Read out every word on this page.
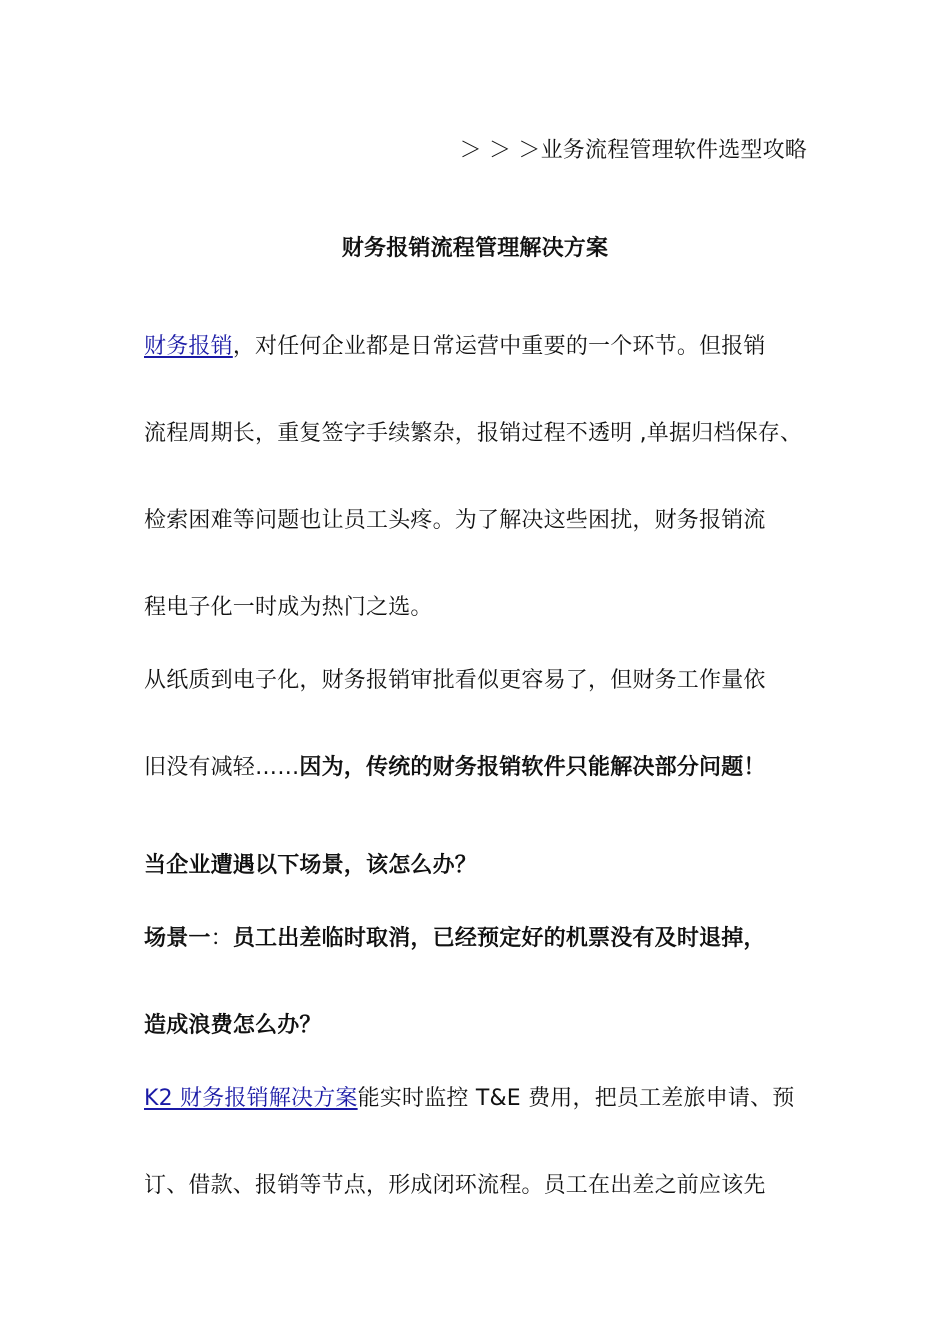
＞ ＞ ＞业务流程管理软件选型攻略
财务报销流程管理解决方案
财务报销，对任何企业都是日常运营中重要的一个环节。但报销
流程周期长，重复签字手续繁杂，报销过程不透明 ,单据归档保存、
检索困难等问题也让员工头疼。为了解决这些困扰，财务报销流
程电子化一时成为热门之选。
从纸质到电子化，财务报销审批看似更容易了，但财务工作量依
旧没有减轻……因为，传统的财务报销软件只能解决部分问题！
当企业遭遇以下场景，该怎么办？
场景一：员工出差临时取消，已经预定好的机票没有及时退掉，
造成浪费怎么办？
K2 财务报销解决方案能实时监控 T&E 费用，把员工差旅申请、预
订、借款、报销等节点，形成闭环流程。员工在出差之前应该先
